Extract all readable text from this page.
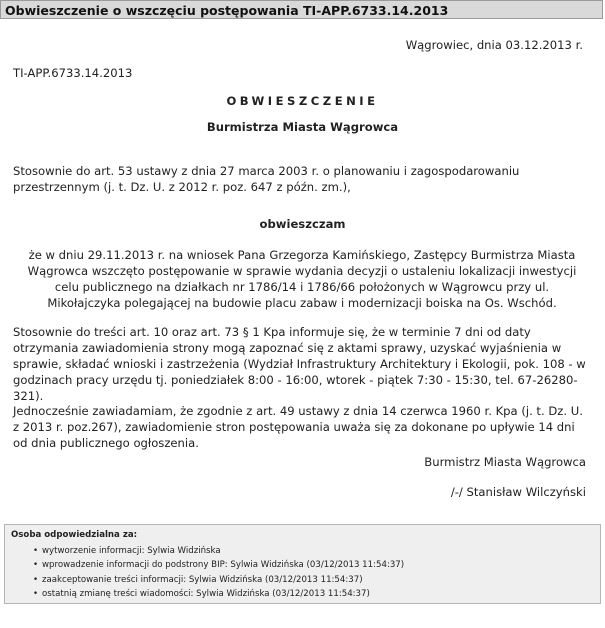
Obwieszczenie o wszczęciu postępowania TI-APP.6733.14.2013
Wągrowiec, dnia 03.12.2013 r.
TI-APP.6733.14.2013
OBWIESZCZENIE
Burmistrza Miasta Wągrowca
Stosownie do art. 53 ustawy z dnia 27 marca 2003 r. o planowaniu i zagospodarowaniu przestrzennym (j. t. Dz. U. z 2012 r. poz. 647 z późn. zm.),
obwieszczam
że w dniu 29.11.2013 r. na wniosek Pana Grzegorza Kamińskiego, Zastępcy Burmistrza Miasta Wągrowca wszczęto postępowanie w sprawie wydania decyzji o ustaleniu lokalizacji inwestycji celu publicznego na działkach nr 1786/14 i 1786/66 położonych w Wągrowcu przy ul. Mikołajczyka polegającej na budowie placu zabaw i modernizacji boiska na Os. Wschód.
Stosownie do treści art. 10 oraz art. 73 § 1 Kpa informuje się, że w terminie 7 dni od daty otrzymania zawiadomienia strony mogą zapoznać się z aktami sprawy, uzyskać wyjaśnienia w sprawie, składać wnioski i zastrzeżenia (Wydział Infrastruktury Architektury i Ekologii, pok. 108 - w godzinach pracy urzędu tj. poniedziałek 8:00 - 16:00, wtorek - piątek 7:30 - 15:30, tel. 67-26280-321).
Jednocześnie zawiadamiam, że zgodnie z art. 49 ustawy z dnia 14 czerwca 1960 r. Kpa (j. t. Dz. U. z 2013 r. poz.267), zawiadomienie stron postępowania uważa się za dokonane po upływie 14 dni od dnia publicznego ogłoszenia.
Burmistrz Miasta Wągrowca
/-/ Stanisław Wilczyński
Osoba odpowiedzialna za:
• wytworzenie informacji: Sylwia Widzińska
• wprowadzenie informacji do podstrony BIP: Sylwia Widzińska (03/12/2013 11:54:37)
• zaakceptowanie treści informacji: Sylwia Widzińska (03/12/2013 11:54:37)
• ostatnią zmianę treści wiadomości: Sylwia Widzińska (03/12/2013 11:54:37)
